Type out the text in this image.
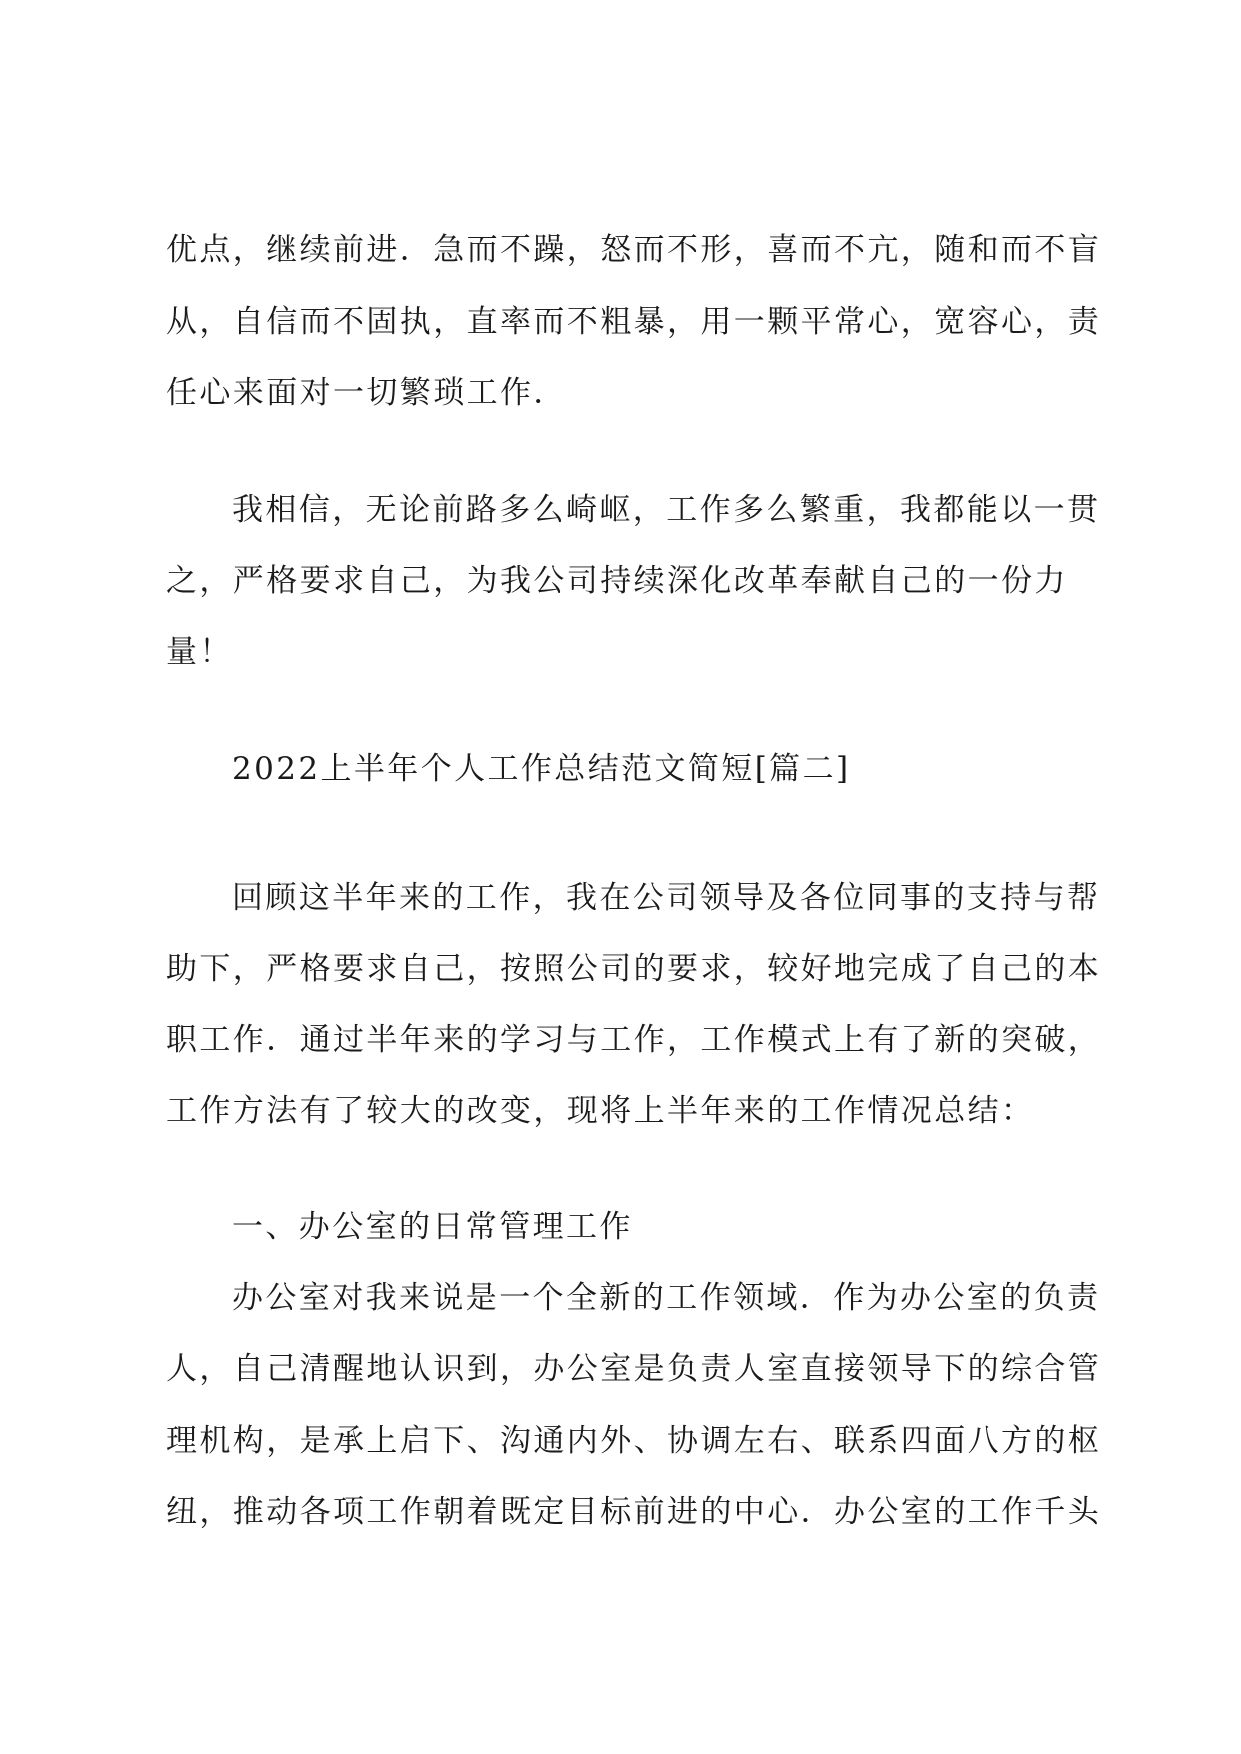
优点，继续前进．急而不躁，怒而不形，喜而不亢，随和而不盲
从，自信而不固执，直率而不粗暴，用一颗平常心，宽容心，责
任心来面对一切繁琐工作．
我相信，无论前路多么崎岖，工作多么繁重，我都能以一贯
之，严格要求自己，为我公司持续深化改革奉献自己的一份力
量！
2022上半年个人工作总结范文简短[篇二]
回顾这半年来的工作，我在公司领导及各位同事的支持与帮
助下，严格要求自己，按照公司的要求，较好地完成了自己的本
职工作．通过半年来的学习与工作，工作模式上有了新的突破，
工作方法有了较大的改变，现将上半年来的工作情况总结：
一、办公室的日常管理工作
办公室对我来说是一个全新的工作领域．作为办公室的负责
人，自己清醒地认识到，办公室是负责人室直接领导下的综合管
理机构，是承上启下、沟通内外、协调左右、联系四面八方的枢
纽，推动各项工作朝着既定目标前进的中心．办公室的工作千头
